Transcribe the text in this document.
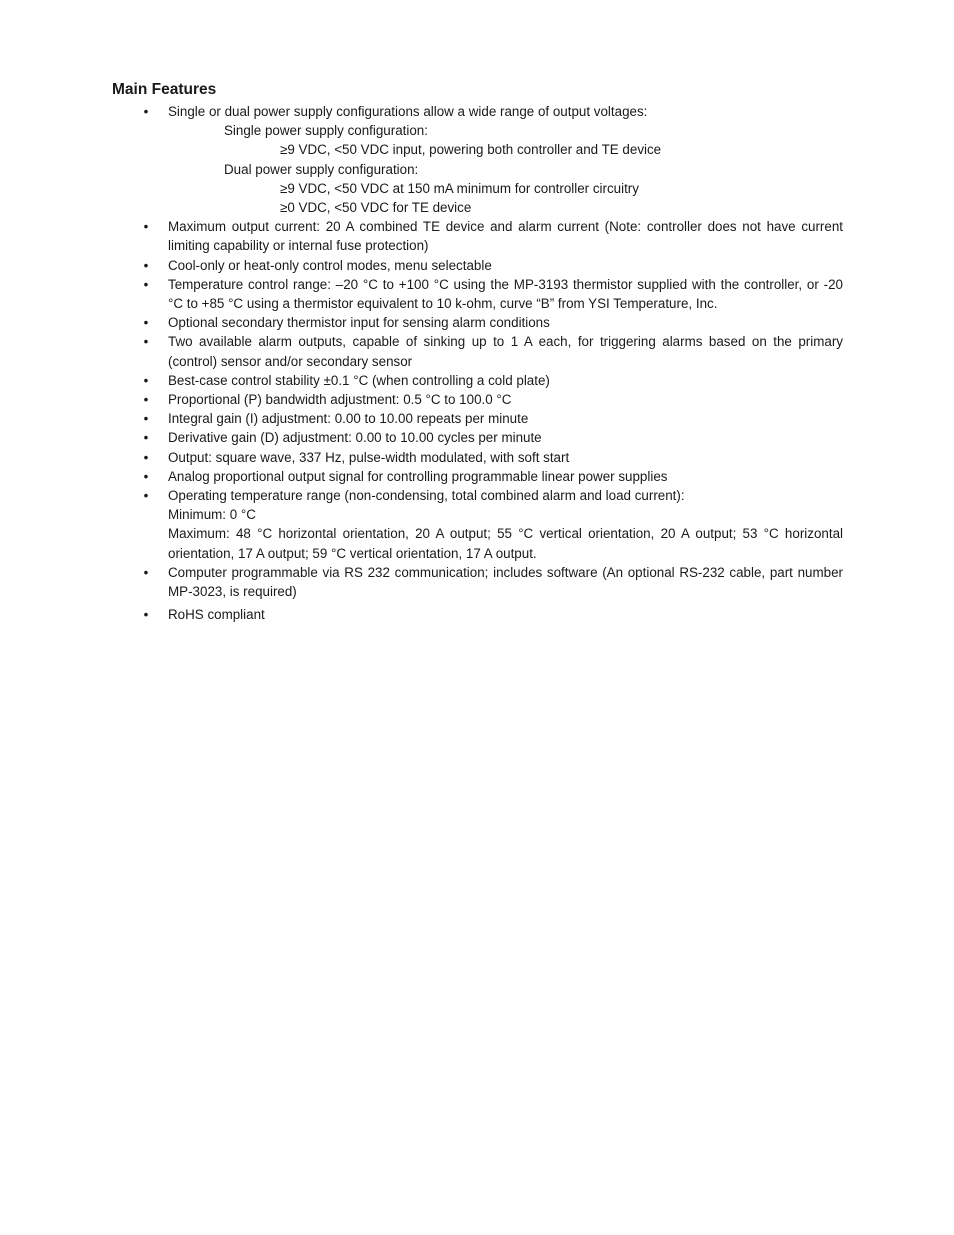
Main Features
• Single or dual power supply configurations allow a wide range of output voltages:
Single power supply configuration:
≥9 VDC, <50 VDC input, powering both controller and TE device
Dual power supply configuration:
≥9 VDC, <50 VDC at 150 mA minimum for controller circuitry
≥0 VDC, <50 VDC for TE device
• Maximum output current: 20 A combined TE device and alarm current (Note: controller does not have current limiting capability or internal fuse protection)
• Cool-only or heat-only control modes, menu selectable
• Temperature control range: –20 °C to +100 °C using the MP-3193 thermistor supplied with the controller, or -20 °C to +85 °C using a thermistor equivalent to 10 k-ohm, curve “B” from YSI Temperature, Inc.
• Optional secondary thermistor input for sensing alarm conditions
• Two available alarm outputs, capable of sinking up to 1 A each, for triggering alarms based on the primary (control) sensor and/or secondary sensor
• Best-case control stability ±0.1 °C (when controlling a cold plate)
• Proportional (P) bandwidth adjustment: 0.5 °C to 100.0 °C
• Integral gain (I) adjustment: 0.00 to 10.00 repeats per minute
• Derivative gain (D) adjustment: 0.00 to 10.00 cycles per minute
• Output: square wave, 337 Hz, pulse-width modulated, with soft start
• Analog proportional output signal for controlling programmable linear power supplies
• Operating temperature range (non-condensing, total combined alarm and load current):
Minimum: 0 °C
Maximum: 48 °C horizontal orientation, 20 A output; 55 °C vertical orientation, 20 A output; 53 °C horizontal orientation, 17 A output; 59 °C vertical orientation, 17 A output.
• Computer programmable via RS 232 communication; includes software (An optional RS-232 cable, part number MP-3023, is required)
• RoHS compliant
